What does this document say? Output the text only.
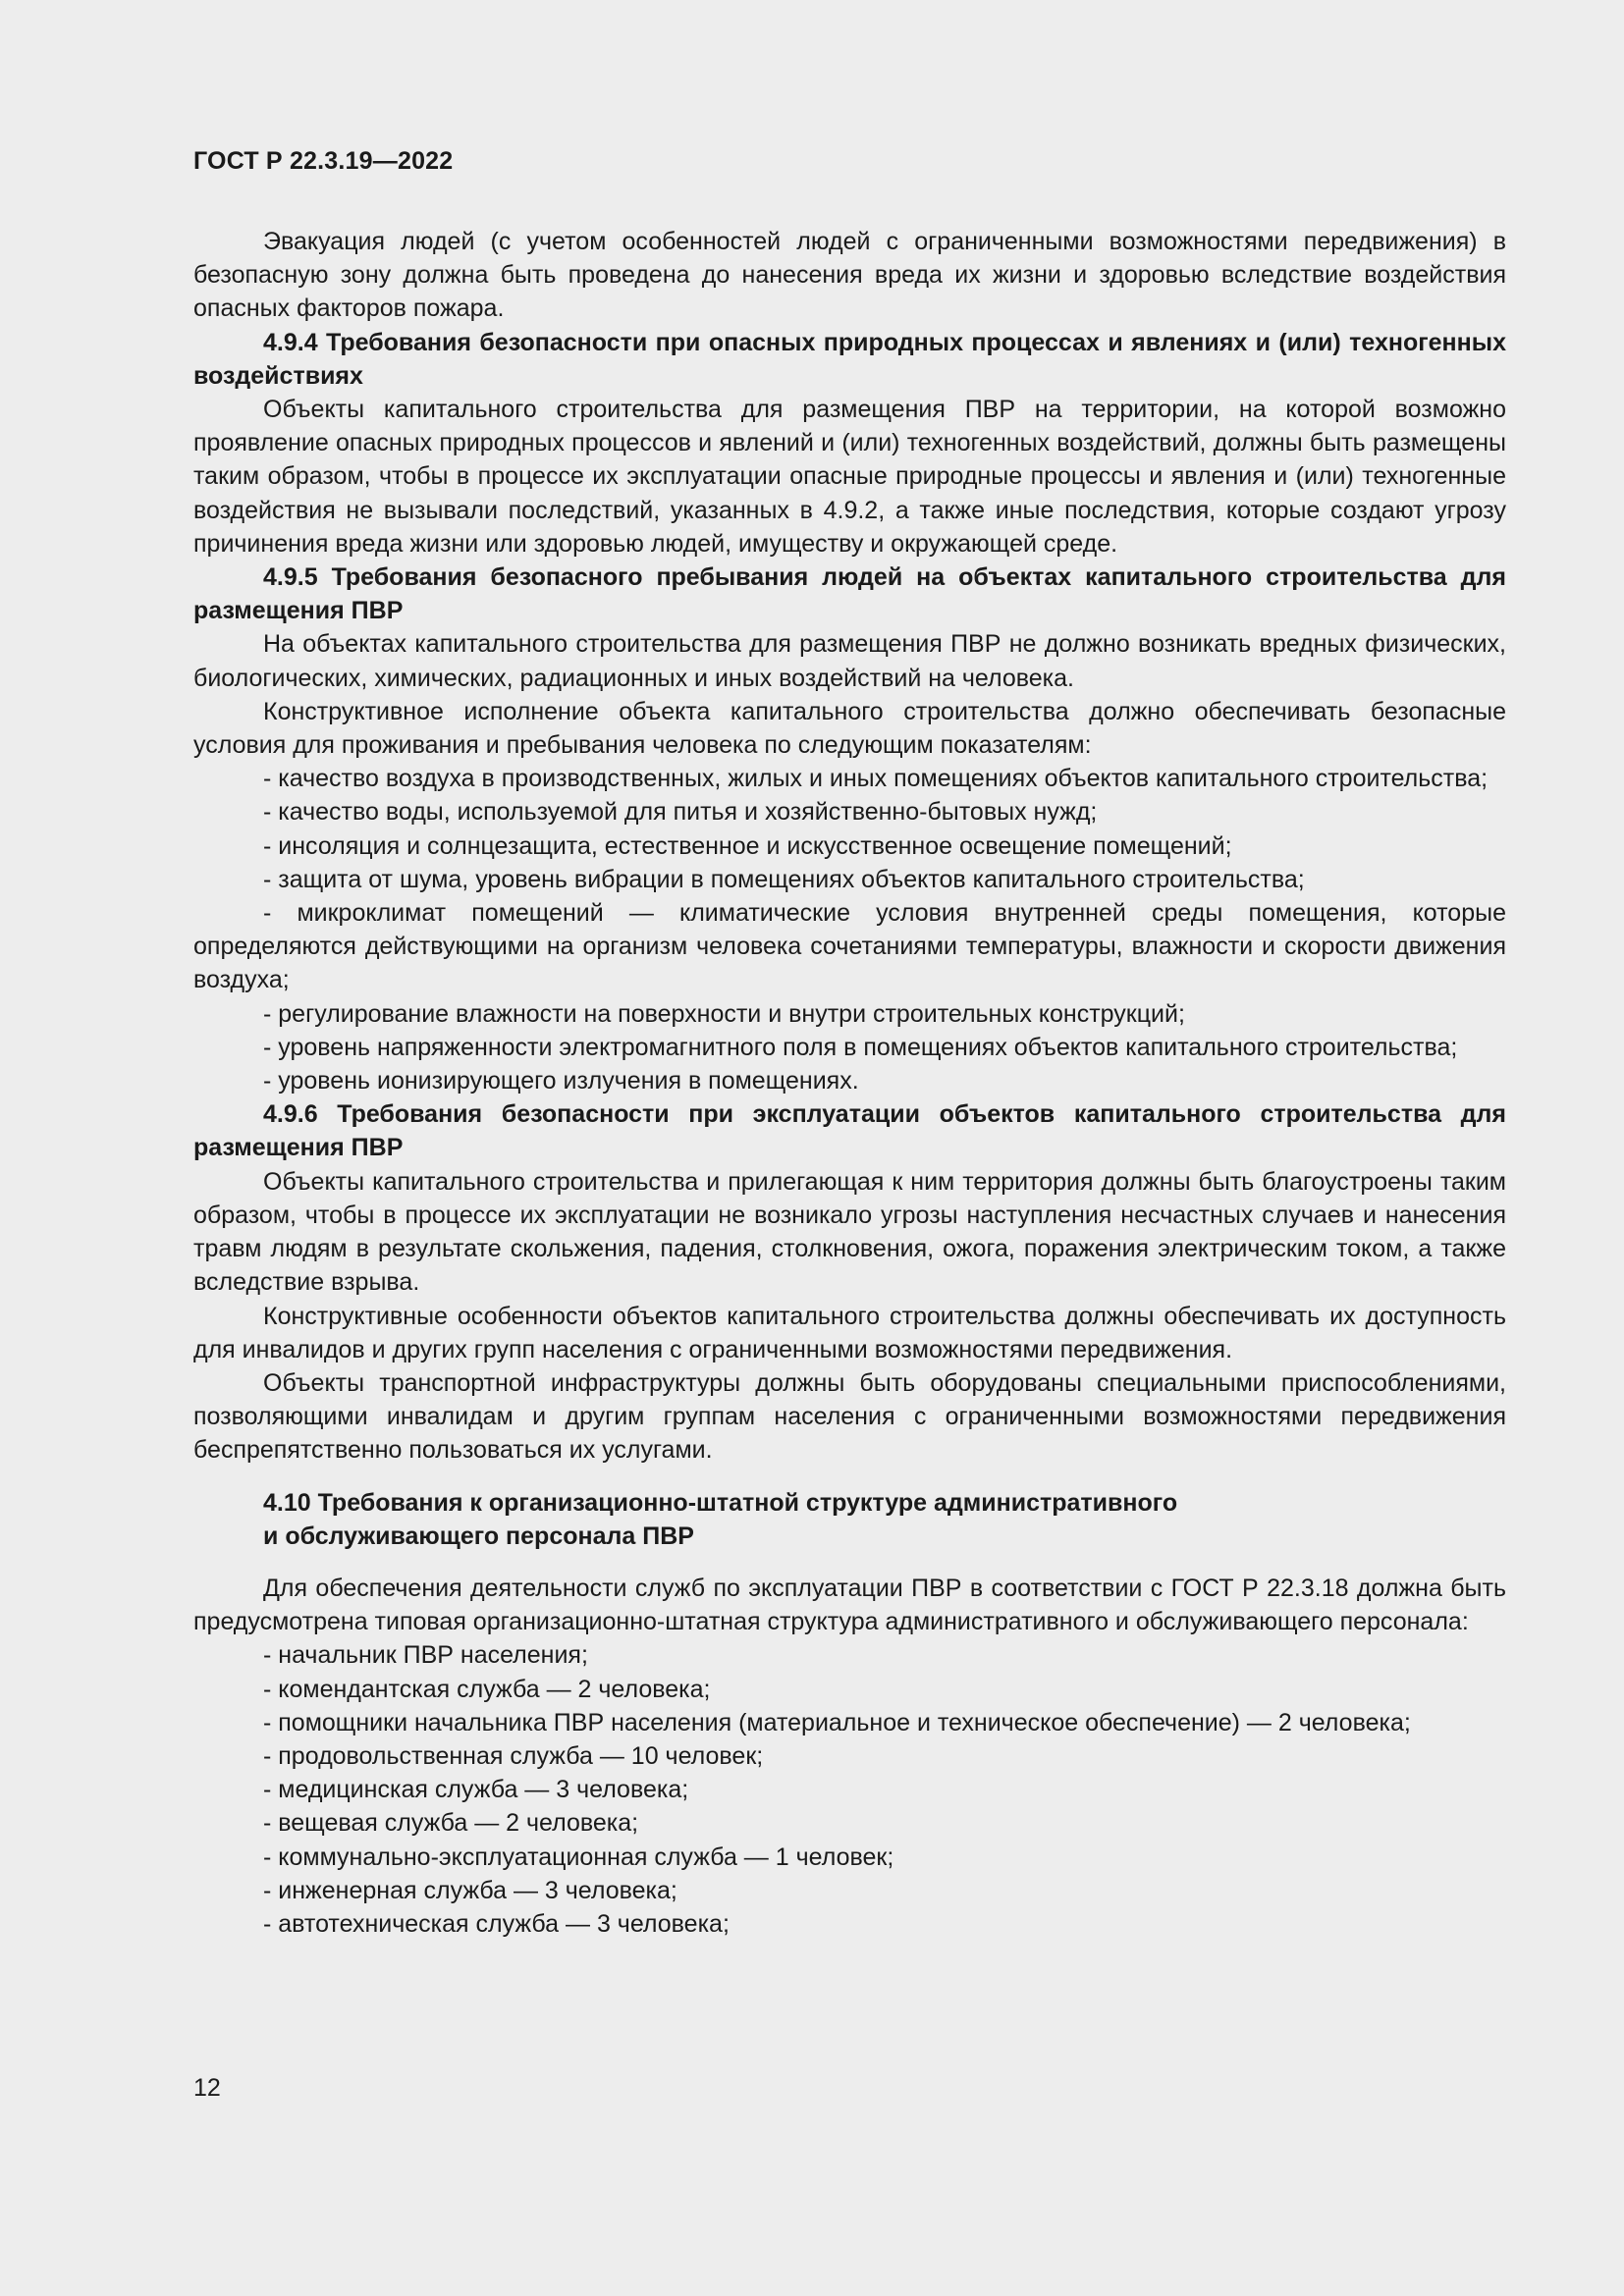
ГОСТ Р 22.3.19—2022

Эвакуация людей (с учетом особенностей людей с ограниченными возможностями передвижения) в безопасную зону должна быть проведена до нанесения вреда их жизни и здоровью вследствие воздействия опасных факторов пожара.

4.9.4 Требования безопасности при опасных природных процессах и явлениях и (или) техногенных воздействиях

Объекты капитального строительства для размещения ПВР на территории, на которой возможно проявление опасных природных процессов и явлений и (или) техногенных воздействий, должны быть размещены таким образом, чтобы в процессе их эксплуатации опасные природные процессы и явления и (или) техногенные воздействия не вызывали последствий, указанных в 4.9.2, а также иные последствия, которые создают угрозу причинения вреда жизни или здоровью людей, имуществу и окружающей среде.

4.9.5 Требования безопасного пребывания людей на объектах капитального строительства для размещения ПВР

На объектах капитального строительства для размещения ПВР не должно возникать вредных физических, биологических, химических, радиационных и иных воздействий на человека.

Конструктивное исполнение объекта капитального строительства должно обеспечивать безопасные условия для проживания и пребывания человека по следующим показателям:

- качество воздуха в производственных, жилых и иных помещениях объектов капитального строительства;

- качество воды, используемой для питья и хозяйственно-бытовых нужд;

- инсоляция и солнцезащита, естественное и искусственное освещение помещений;

- защита от шума, уровень вибрации в помещениях объектов капитального строительства;

- микроклимат помещений — климатические условия внутренней среды помещения, которые определяются действующими на организм человека сочетаниями температуры, влажности и скорости движения воздуха;

- регулирование влажности на поверхности и внутри строительных конструкций;

- уровень напряженности электромагнитного поля в помещениях объектов капитального строительства;

- уровень ионизирующего излучения в помещениях.

4.9.6 Требования безопасности при эксплуатации объектов капитального строительства для размещения ПВР

Объекты капитального строительства и прилегающая к ним территория должны быть благоустроены таким образом, чтобы в процессе их эксплуатации не возникало угрозы наступления несчастных случаев и нанесения травм людям в результате скольжения, падения, столкновения, ожога, поражения электрическим током, а также вследствие взрыва.

Конструктивные особенности объектов капитального строительства должны обеспечивать их доступность для инвалидов и других групп населения с ограниченными возможностями передвижения.

Объекты транспортной инфраструктуры должны быть оборудованы специальными приспособлениями, позволяющими инвалидам и другим группам населения с ограниченными возможностями передвижения беспрепятственно пользоваться их услугами.

4.10 Требования к организационно-штатной структуре административного
и обслуживающего персонала ПВР

Для обеспечения деятельности служб по эксплуатации ПВР в соответствии с ГОСТ Р 22.3.18 должна быть предусмотрена типовая организационно-штатная структура административного и обслуживающего персонала:

- начальник ПВР населения;

- комендантская служба — 2 человека;

- помощники начальника ПВР населения (материальное и техническое обеспечение) — 2 человека;

- продовольственная служба — 10 человек;

- медицинская служба — 3 человека;

- вещевая служба — 2 человека;

- коммунально-эксплуатационная служба — 1 человек;

- инженерная служба — 3 человека;

- автотехническая служба — 3 человека;

12
